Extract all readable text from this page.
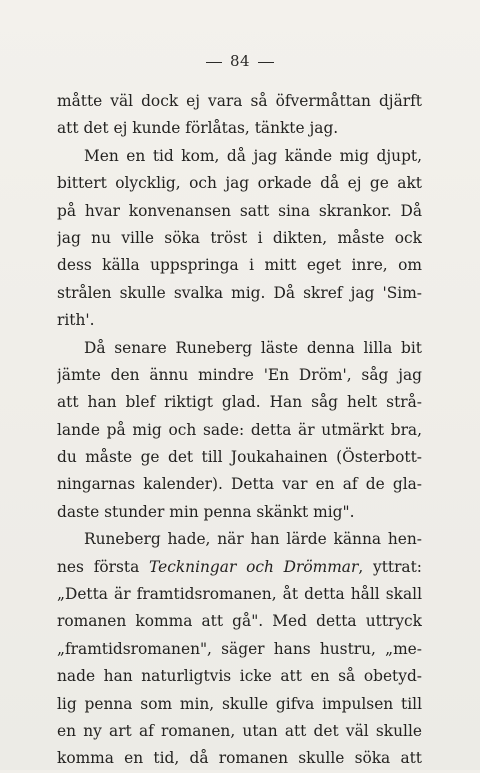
84
måtte väl dock ej vara så öfvermåttan djärft
att det ej kunde förlåtas, tänkte jag.
Men en tid kom, då jag kände mig djupt,
bittert olycklig, och jag orkade då ej ge akt
på hvar konvenansen satt sina skrankor. Då
jag nu ville söka tröst i dikten, måste ock
dess källa uppspringa i mitt eget inre, om
strålen skulle svalka mig. Då skref jag 'Sim-
rith'.
Då senare Runeberg läste denna lilla bit
jämte den ännu mindre 'En Dröm', såg jag
att han blef riktigt glad. Han såg helt strå-
lande på mig och sade: detta är utmärkt bra,
du måste ge det till Joukahainen (Österbott-
ningarnas kalender). Detta var en af de gla-
daste stunder min penna skänkt mig".
Runeberg hade, när han lärde känna hen-
nes första Teckningar och Drömmar, yttrat:
„Detta är framtidsromanen, åt detta håll skall
romanen komma att gå". Med detta uttryck
„framtidsromanen", säger hans hustru, „me-
nade han naturligtvis icke att en så obetyd-
lig penna som min, skulle gifva impulsen till
en ny art af romanen, utan att det väl skulle
komma en tid, då romanen skulle söka att
